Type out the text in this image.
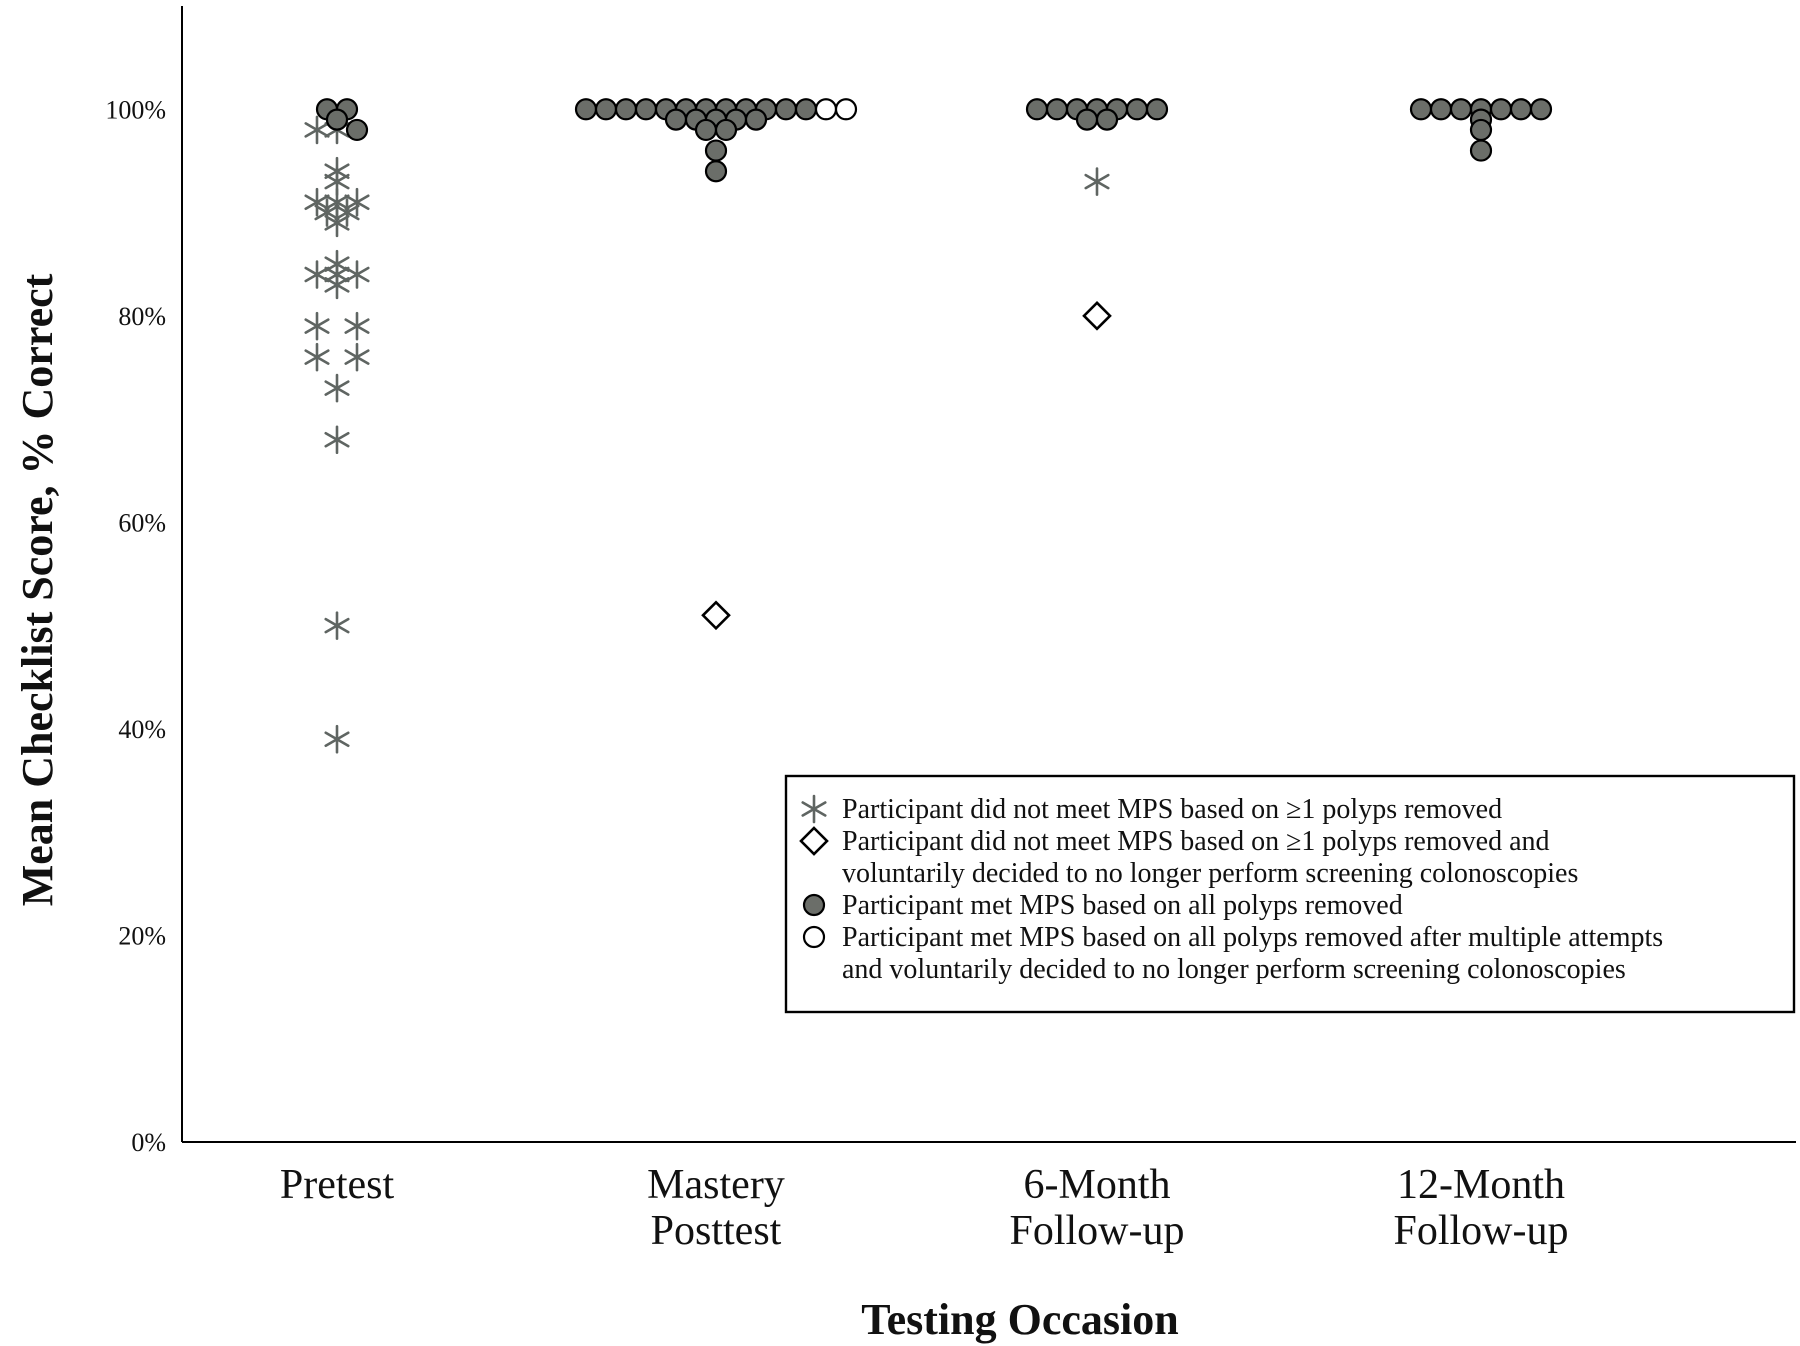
0%
20%
40%
60%
80%
100%
Pretest	Mastery Posttest
6-Month Follow-up
12-Month Follow-up
Participant did not meet MPS based on ≥1 polyps removed
Participant did not meet MPS based on ≥1 polyps removed and
voluntarily decided to no longer perform screening colonoscopies
Participant met MPS based on all polyps removed
Participant met MPS based on all polyps removed after multiple attempts
and voluntarily decided to no longer perform screening colonoscopies
Testing Occasion
Mean Checklist Score, % Correct
